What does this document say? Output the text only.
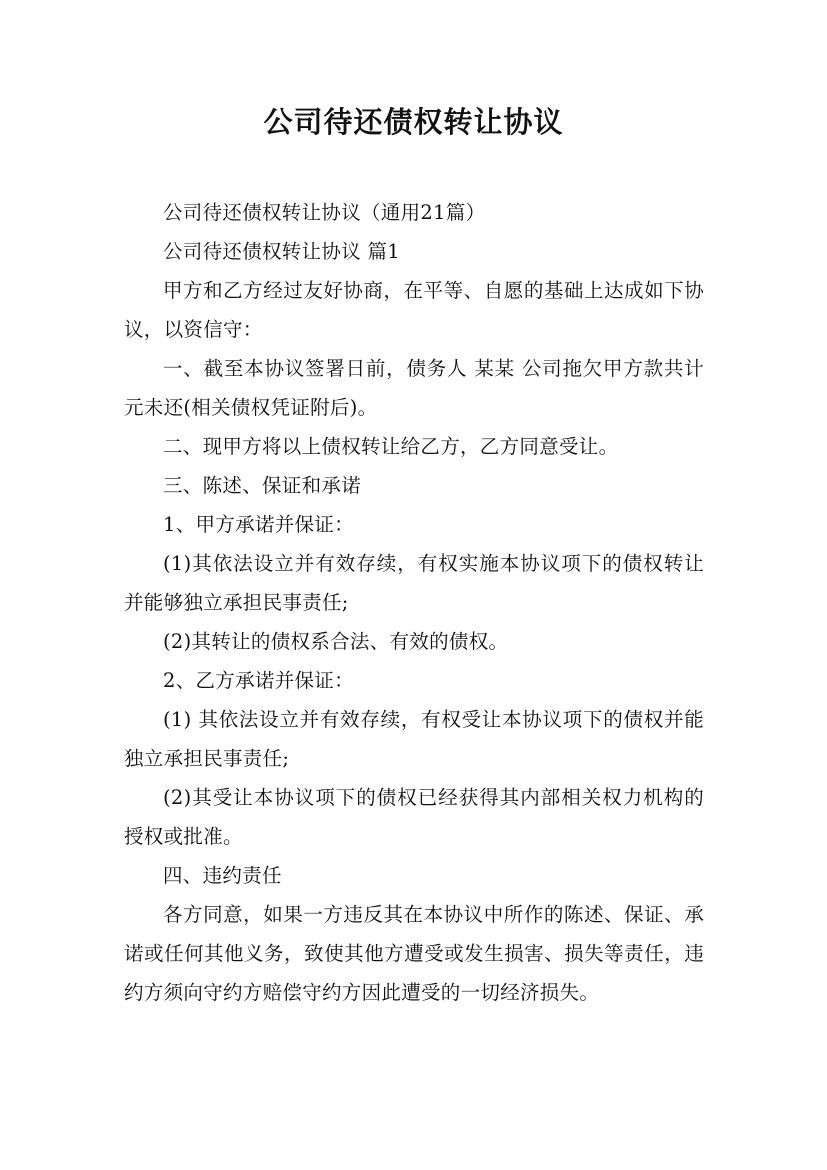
公司待还债权转让协议

公司待还债权转让协议（通用21篇）

公司待还债权转让协议 篇1

甲方和乙方经过友好协商，在平等、自愿的基础上达成如下协议，以资信守：

一、截至本协议签署日前，债务人 某某 公司拖欠甲方款共计 元未还(相关债权凭证附后)。

二、现甲方将以上债权转让给乙方，乙方同意受让。

三、陈述、保证和承诺

1、甲方承诺并保证：

(1)其依法设立并有效存续，有权实施本协议项下的债权转让并能够独立承担民事责任;

(2)其转让的债权系合法、有效的债权。

2、乙方承诺并保证：

(1) 其依法设立并有效存续，有权受让本协议项下的债权并能独立承担民事责任;

(2)其受让本协议项下的债权已经获得其内部相关权力机构的授权或批准。

四、违约责任

各方同意，如果一方违反其在本协议中所作的陈述、保证、承诺或任何其他义务，致使其他方遭受或发生损害、损失等责任，违约方须向守约方赔偿守约方因此遭受的一切经济损失。
